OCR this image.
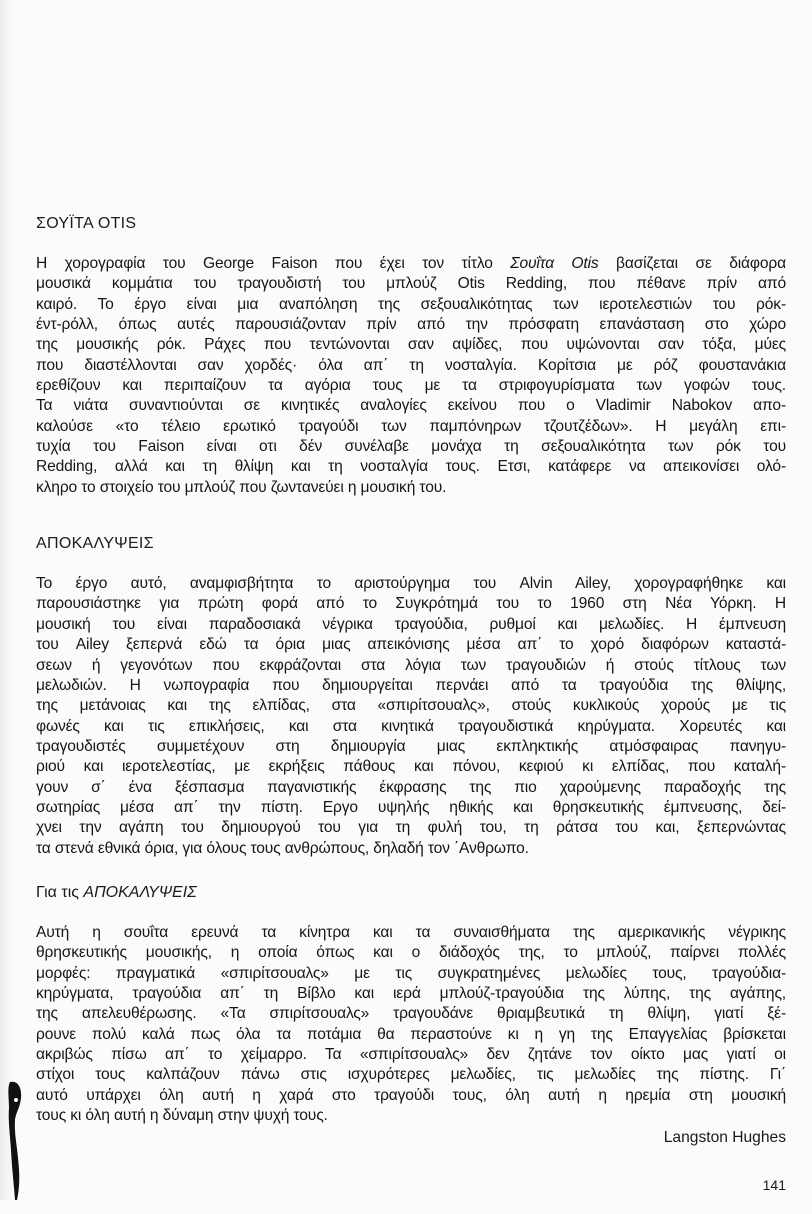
ΣΟΥΪΤΑ OTIS
Η χορογραφία του George Faison που έχει τον τίτλο Σουΐτα Otis βασίζεται σε διάφορα
μουσικά κομμάτια του τραγουδιστή του μπλούζ Otis Redding, που πέθανε πρίν από
καιρό. Το έργο είναι μια αναπόληση της σεξουαλικότητας των ιεροτελεστιών του ρόκ-
έντ-ρόλλ, όπως αυτές παρουσιάζονταν πρίν από την πρόσφατη επανάσταση στο χώρο
της μουσικής ρόκ. Ράχες που τεντώνονται σαν αψίδες, που υψώνονται σαν τόξα, μύες
που διαστέλλονται σαν χορδές· όλα απ΄ τη νοσταλγία. Κορίτσια με ρόζ φουστανάκια
ερεθίζουν και περιπαίζουν τα αγόρια τους με τα στριφογυρίσματα των γοφών τους.
Τα νιάτα συναντιούνται σε κινητικές αναλογίες εκείνου που ο Vladimir Nabokov απο-
καλούσε «το τέλειο ερωτικό τραγούδι των παμπόνηρων τζουτζέδων». Η μεγάλη επι-
τυχία του Faison είναι οτι δέν συνέλαβε μονάχα τη σεξουαλικότητα των ρόκ του
Redding, αλλά και τη θλίψη και τη νοσταλγία τους. Ετσι, κατάφερε να απεικονίσει ολό-
κληρο το στοιχείο του μπλούζ που ζωντανεύει η μουσική του.
ΑΠΟΚΑΛΥΨΕΙΣ
Το έργο αυτό, αναμφισβήτητα το αριστούργημα του Alvin Ailey, χορογραφήθηκε και
παρουσιάστηκε για πρώτη φορά από το Συγκρότημά του το 1960 στη Νέα Υόρκη. Η
μουσική του είναι παραδοσιακά νέγρικα τραγούδια, ρυθμοί και μελωδίες. Η έμπνευση
του Ailey ξεπερνά εδώ τα όρια μιας απεικόνισης μέσα απ΄ το χορό διαφόρων καταστά-
σεων ή γεγονότων που εκφράζονται στα λόγια των τραγουδιών ή στούς τίτλους των
μελωδιών. Η νωπογραφία που δημιουργείται περνάει από τα τραγούδια της θλίψης,
της μετάνοιας και της ελπίδας, στα «σπιρίτσουαλς», στούς κυκλικούς χορούς με τις
φωνές και τις επικλήσεις, και στα κινητικά τραγουδιστικά κηρύγματα. Χορευτές και
τραγουδιστές συμμετέχουν στη δημιουργία μιας εκπληκτικής ατμόσφαιρας πανηγυ-
ριού και ιεροτελεστίας, με εκρήξεις πάθους και πόνου, κεφιού κι ελπίδας, που καταλή-
γουν σ΄ ένα ξέσπασμα παγανιστικής έκφρασης της πιο χαρούμενης παραδοχής της
σωτηρίας μέσα απ΄ την πίστη. Εργο υψηλής ηθικής και θρησκευτικής έμπνευσης, δεί-
χνει την αγάπη του δημιουργού του για τη φυλή του, τη ράτσα του και, ξεπερνώντας
τα στενά εθνικά όρια, για όλους τους ανθρώπους, δηλαδή τον ΄Ανθρωπο.
Για τις ΑΠΟΚΑΛΥΨΕΙΣ
Αυτή η σουΐτα ερευνά τα κίνητρα και τα συναισθήματα της αμερικανικής νέγρικης
θρησκευτικής μουσικής, η οποία όπως και ο διάδοχός της, το μπλούζ, παίρνει πολλές
μορφές: πραγματικά «σπιρίτσουαλς» με τις συγκρατημένες μελωδίες τους, τραγούδια-
κηρύγματα, τραγούδια απ΄ τη Βίβλο και ιερά μπλούζ-τραγούδια της λύπης, της αγάπης,
της απελευθέρωσης. «Τα σπιρίτσουαλς» τραγουδάνε θριαμβευτικά τη θλίψη, γιατί ξέ-
ρουνε πολύ καλά πως όλα τα ποτάμια θα περαστούνε κι η γη της Επαγγελίας βρίσκεται
ακριβώς πίσω απ΄ το χείμαρρο. Τα «σπιρίτσουαλς» δεν ζητάνε τον οίκτο μας γιατί οι
στίχοι τους καλπάζουν πάνω στις ισχυρότερες μελωδίες, τις μελωδίες της πίστης. Γι΄
αυτό υπάρχει όλη αυτή η χαρά στο τραγούδι τους, όλη αυτή η ηρεμία στη μουσική
τους κι όλη αυτή η δύναμη στην ψυχή τους.
Langston Hughes
141
